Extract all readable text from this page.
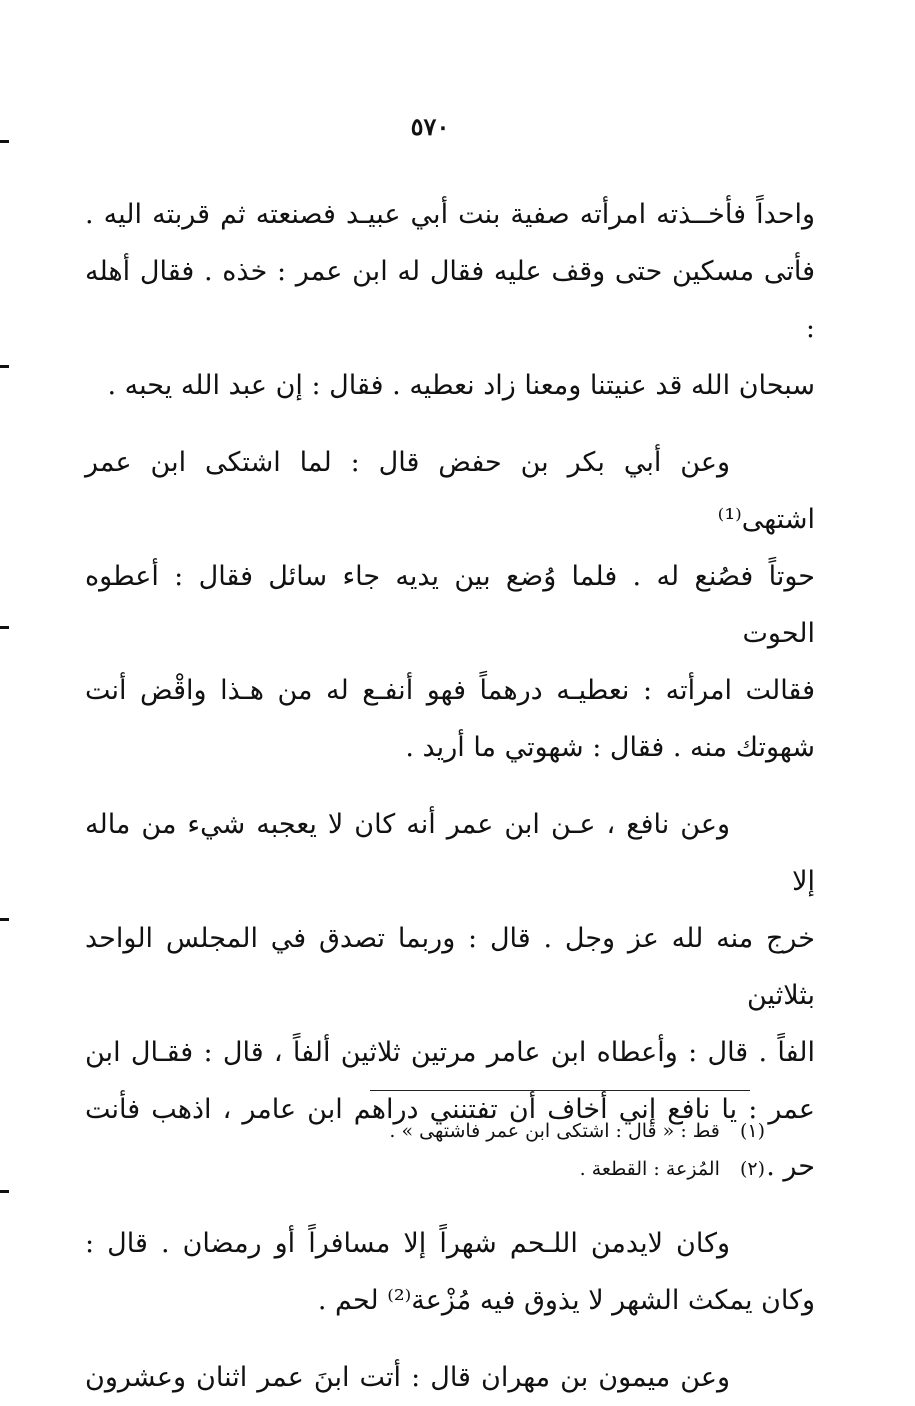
٥٧٠
واحداً فأخــذته امرأته صفية بنت أبي عبيـد فصنعته ثم قربته اليه .
فأتى مسكين حتى وقف عليه فقال له ابن عمر : خذه . فقال أهله :
سبحان الله قد عنيتنا ومعنا زاد نعطيه . فقال : إن عبد الله يحبه .
وعن أبي بكر بن حفض قال : لما اشتكى ابن عمر اشتهى⁽¹⁾
حوتاً فصُنع له . فلما وُضع بين يديه جاء سائل فقال : أعطوه الحوت
فقالت امرأته : نعطيـه درهماً فهو أنفـع له من هـذا واقْض أنت
شهوتك منه . فقال : شهوتي ما أريد .
وعن نافع ، عـن ابن عمر أنه كان لا يعجبه شيء من ماله إلا
خرج منه لله عز وجل . قال : وربما تصدق في المجلس الواحد بثلاثين
الفاً . قال : وأعطاه ابن عامر مرتين ثلاثين ألفاً ، قال : فقـال ابن
عمر : يا نافع إني أخاف أن تفتنني دراهم ابن عامر ، اذهب فأنت حر .
وكان لايدمن اللـحم شهراً إلا مسافراً أو رمضان . قال :
وكان يمكث الشهر لا يذوق فيه مُزْعة⁽²⁾ لحم .
وعن ميمون بن مهران قال : أتت ابنَ عمر اثنان وعشرون
(١) قط : « قال : اشتكى ابن عمر فاشتهى » .
(٢) المُزعة : القطعة .
